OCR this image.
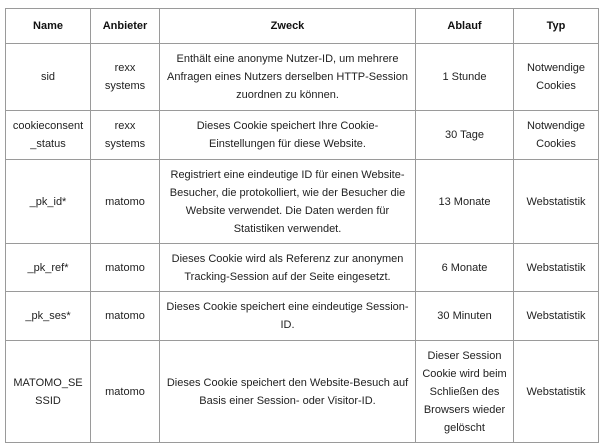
Name	Anbieter	Zweck	Ablauf	Typ
sid	rexx systems	Enthält eine anonyme Nutzer-ID, um mehrere Anfragen eines Nutzers derselben HTTP-Session zuordnen zu können.	1 Stunde	Notwendige Cookies
cookieconsent_status	rexx systems	Dieses Cookie speichert Ihre Cookie-Einstellungen für diese Website.	30 Tage	Notwendige Cookies
_pk_id*	matomo	Registriert eine eindeutige ID für einen Website-Besucher, die protokolliert, wie der Besucher die Website verwendet. Die Daten werden für Statistiken verwendet.	13 Monate	Webstatistik
_pk_ref*	matomo	Dieses Cookie wird als Referenz zur anonymen Tracking-Session auf der Seite eingesetzt.	6 Monate	Webstatistik
_pk_ses*	matomo	Dieses Cookie speichert eine eindeutige Session-ID.	30 Minuten	Webstatistik
MATOMO_SESSID	matomo	Dieses Cookie speichert den Website-Besuch auf Basis einer Session- oder Visitor-ID.	Dieser Session Cookie wird beim Schließen des Browsers wieder gelöscht	Webstatistik
